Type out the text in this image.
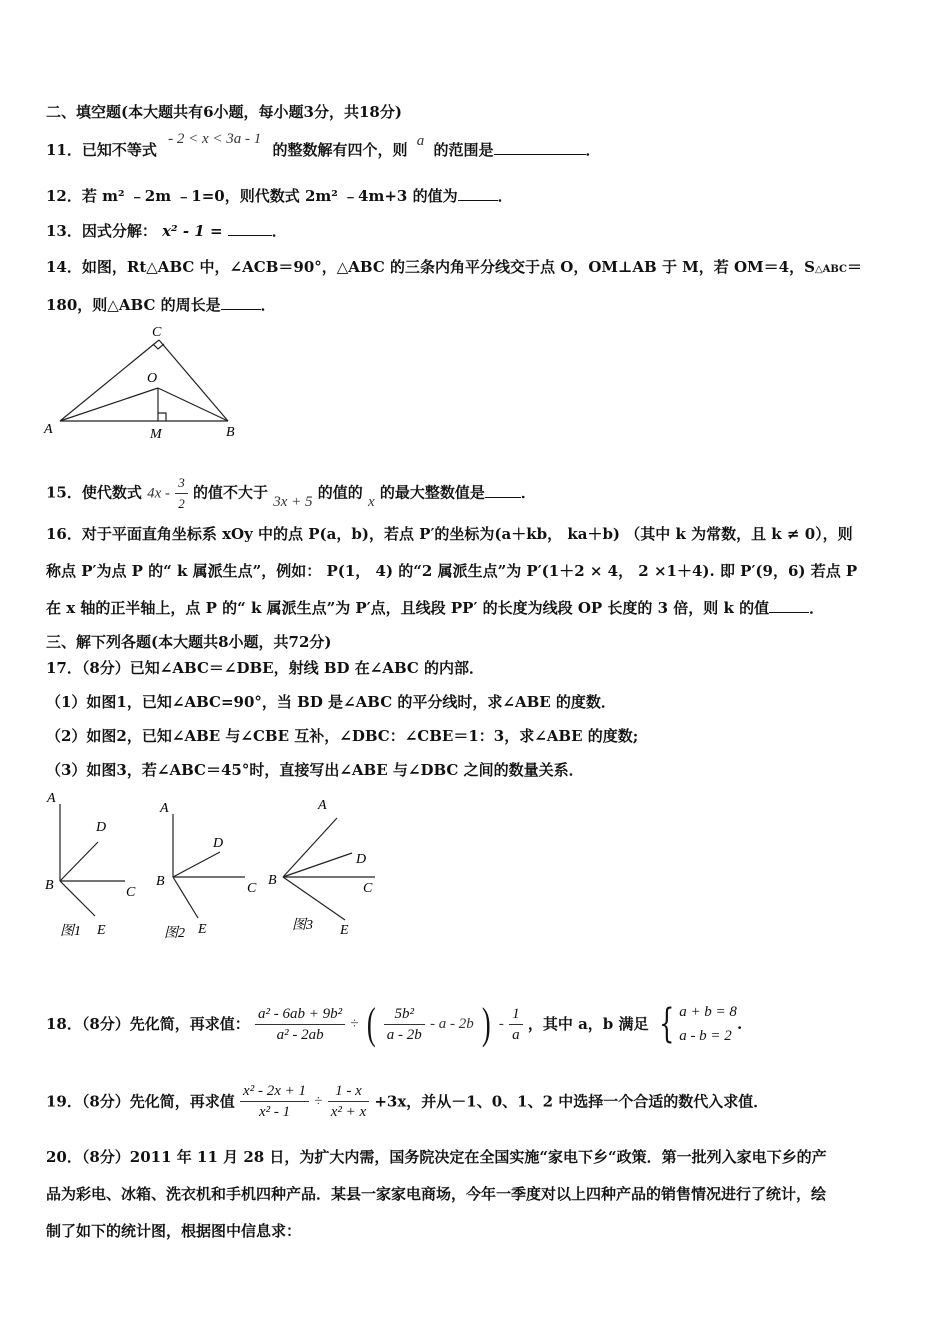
二、填空题(本大题共有6小题，每小题3分，共18分)
11．已知不等式 - 2 < x < 3a - 1 的整数解有四个，则 a 的范围是	．
12．若 m² ﹣2m ﹣1=0，则代数式 2m² ﹣4m+3 的值为	．
13．因式分解： x² - 1 =	．
14．如图，Rt△ABC 中，∠ACB＝90°，△ABC 的三条内角平分线交于点 O，OM⊥AB 于 M，若 OM＝4，S△ABC＝
180，则△ABC 的周长是	．
A	B
C
O
M
15．使代数式 $4x - \frac{3}{2}$ 的值不大于 3x + 5 的值的 x 的最大整数值是 ．
16．对于平面直角坐标系 xOy 中的点 P(a，b)，若点 P′的坐标为(a＋kb， ka＋b) （其中 k 为常数，且 k ≠ 0），则
称点 P′为点 P 的“ k 属派生点”，例如： P(1， 4) 的“2 属派生点”为 P′(1＋2 × 4， 2 ×1＋4). 即 P′(9，6) 若点 P
在 x 轴的正半轴上，点 P 的“ k 属派生点”为 P′点，且线段 PP′ 的长度为线段 OP 长度的 3 倍，则 k 的值	．
三、解下列各题(本大题共8小题，共72分)
17．（8分）已知∠ABC＝∠DBE，射线 BD 在∠ABC 的内部．
（1）如图1，已知∠ABC=90°，当 BD 是∠ABC 的平分线时，求∠ABE 的度数．
（2）如图2，已知∠ABE 与∠CBE 互补，∠DBC：∠CBE＝1：3，求∠ABE 的度数;
（3）如图3，若∠ABC＝45°时，直接写出∠ABE 与∠DBC 之间的数量关系．
A
B	C
D
E
图1
A
B	C
D
E
图2
A
B
C
D
E
图3
18．（8分）先化简，再求值： $\frac{\text{a² - 6ab + 9b²}}{\text{a² - 2ab}}$ ÷ ( $\frac{\text{5b²}}{a - 2b}$ - a - 2b ) - $\frac{1}{a}$ ，其中 a，b 满足 { a + b = 8
a - b = 2
.
19．（8分）先化简，再求值 $\frac{\text{x² - 2x + 1}}{\text{x² - 1}} \div \frac{1 - x}{\text{x² + x}} +3x$，并从－1、0、1、2 中选择一个合适的数代入求值．
20．（8分）2011 年 11 月 28 日，为扩大内需，国务院决定在全国实施“家电下乡“政策．第一批列入家电下乡的产
品为彩电、冰箱、洗衣机和手机四种产品．某县一家家电商场，今年一季度对以上四种产品的销售情况进行了统计，绘
制了如下的统计图，根据图中信息求：
